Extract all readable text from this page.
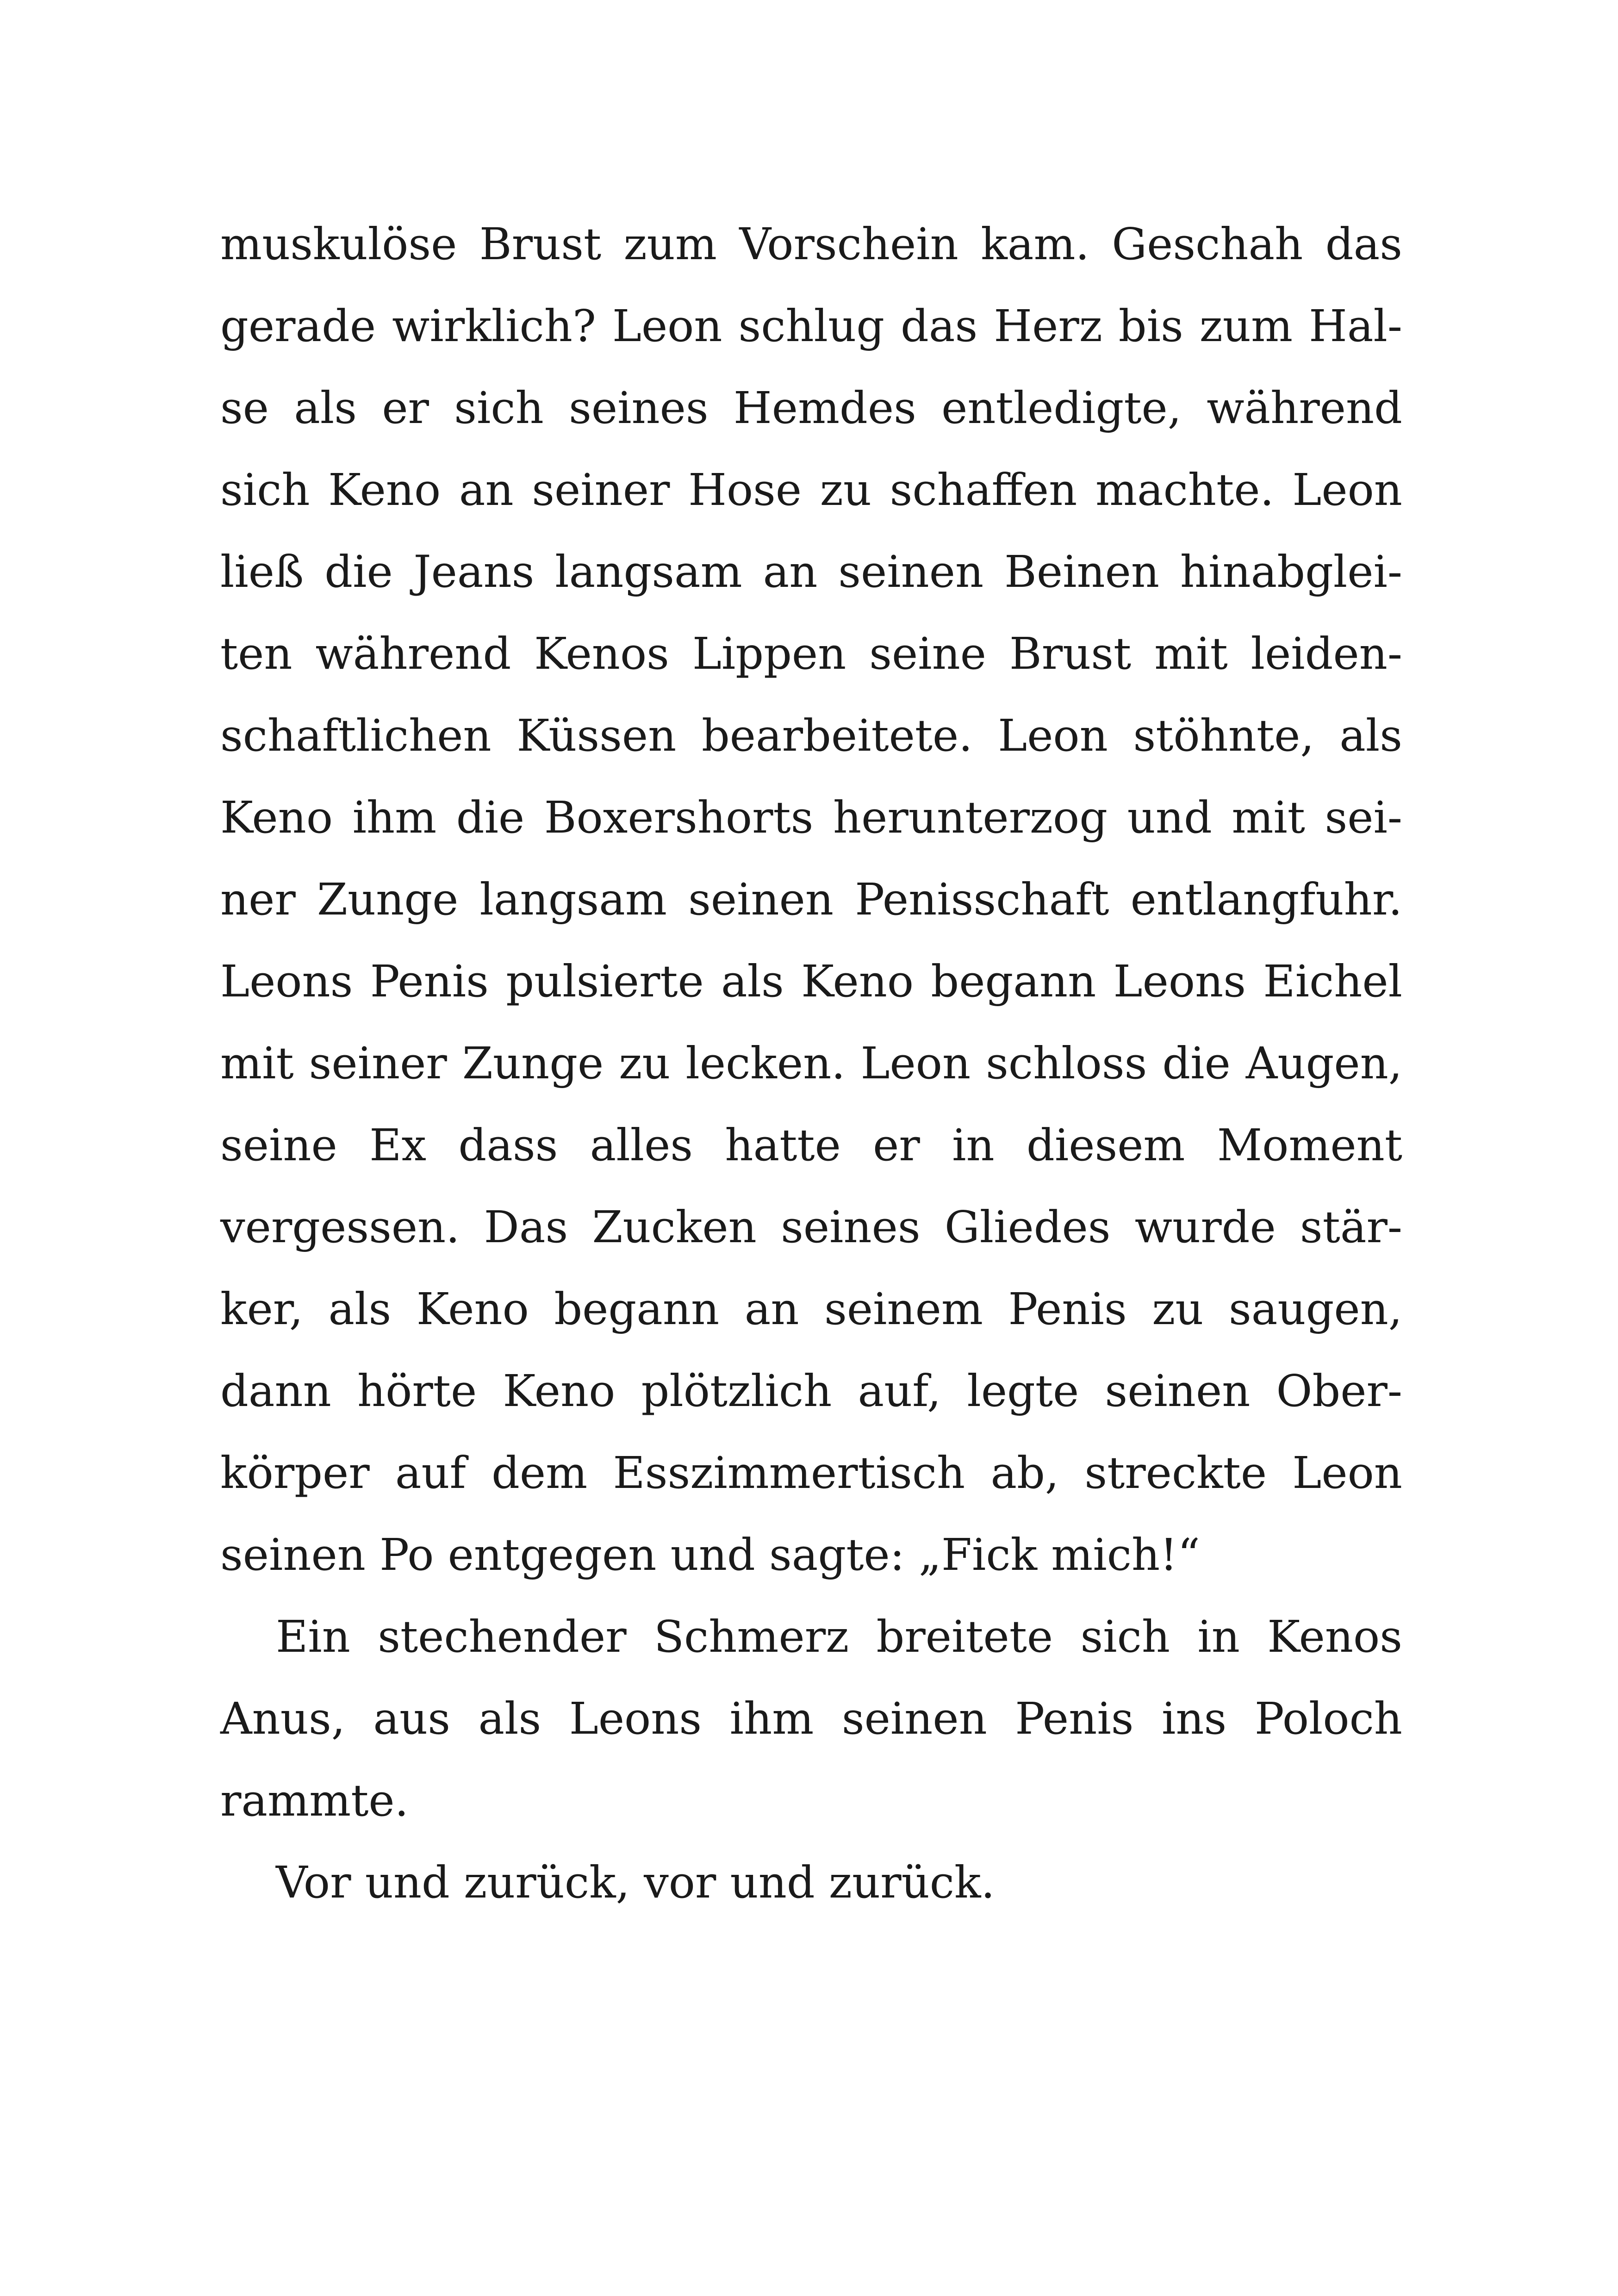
muskulöse Brust zum Vorschein kam. Geschah das gerade wirklich? Leon schlug das Herz bis zum Halse als er sich seines Hemdes entledigte, während sich Keno an seiner Hose zu schaffen machte. Leon ließ die Jeans langsam an seinen Beinen hinabgleiten während Kenos Lippen seine Brust mit leidenschaftlichen Küssen bearbeitete. Leon stöhnte, als Keno ihm die Boxershorts herunterzog und mit seiner Zunge langsam seinen Penisschaft entlangfuhr. Leons Penis pulsierte als Keno begann Leons Eichel mit seiner Zunge zu lecken. Leon schloss die Augen, seine Ex dass alles hatte er in diesem Moment vergessen. Das Zucken seines Gliedes wurde stärker, als Keno begann an seinem Penis zu saugen, dann hörte Keno plötzlich auf, legte seinen Oberkörper auf dem Esszimmertisch ab, streckte Leon seinen Po entgegen und sagte: „Fick mich!“

Ein stechender Schmerz breitete sich in Kenos Anus, aus als Leons ihm seinen Penis ins Poloch rammte.

Vor und zurück, vor und zurück.
